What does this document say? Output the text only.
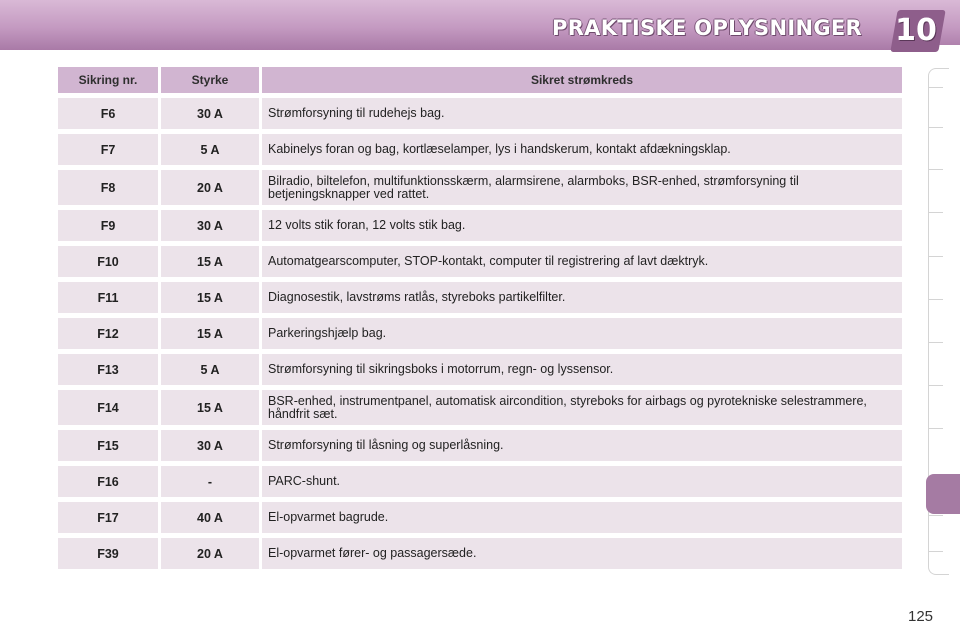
PRAKTISKE OPLYSNINGER 10
Sikring nr.	Styrke	Sikret strømkreds
F6	30 A	Strømforsyning til rudehejs bag.
F7	5 A	Kabinelys foran og bag, kortlæselamper, lys i handskerum, kontakt afdækningsklap.
F8	20 A	Bilradio, biltelefon, multifunktionsskærm, alarmsirene, alarmboks, BSR-enhed, strømforsyning til betjeningsknapper ved rattet.
F9	30 A	12 volts stik foran, 12 volts stik bag.
F10	15 A	Automatgearscomputer, STOP-kontakt, computer til registrering af lavt dæktryk.
F11	15 A	Diagnosestik, lavstrøms ratlås, styreboks partikelfilter.
F12	15 A	Parkeringshjælp bag.
F13	5 A	Strømforsyning til sikringsboks i motorrum, regn- og lyssensor.
F14	15 A	BSR-enhed, instrumentpanel, automatisk aircondition, styreboks for airbags og pyrotekniske selestrammere, håndfrit sæt.
F15	30 A	Strømforsyning til låsning og superlåsning.
F16	-	PARC-shunt.
F17	40 A	El-opvarmet bagrude.
F39	20 A	El-opvarmet fører- og passagersæde.
125
